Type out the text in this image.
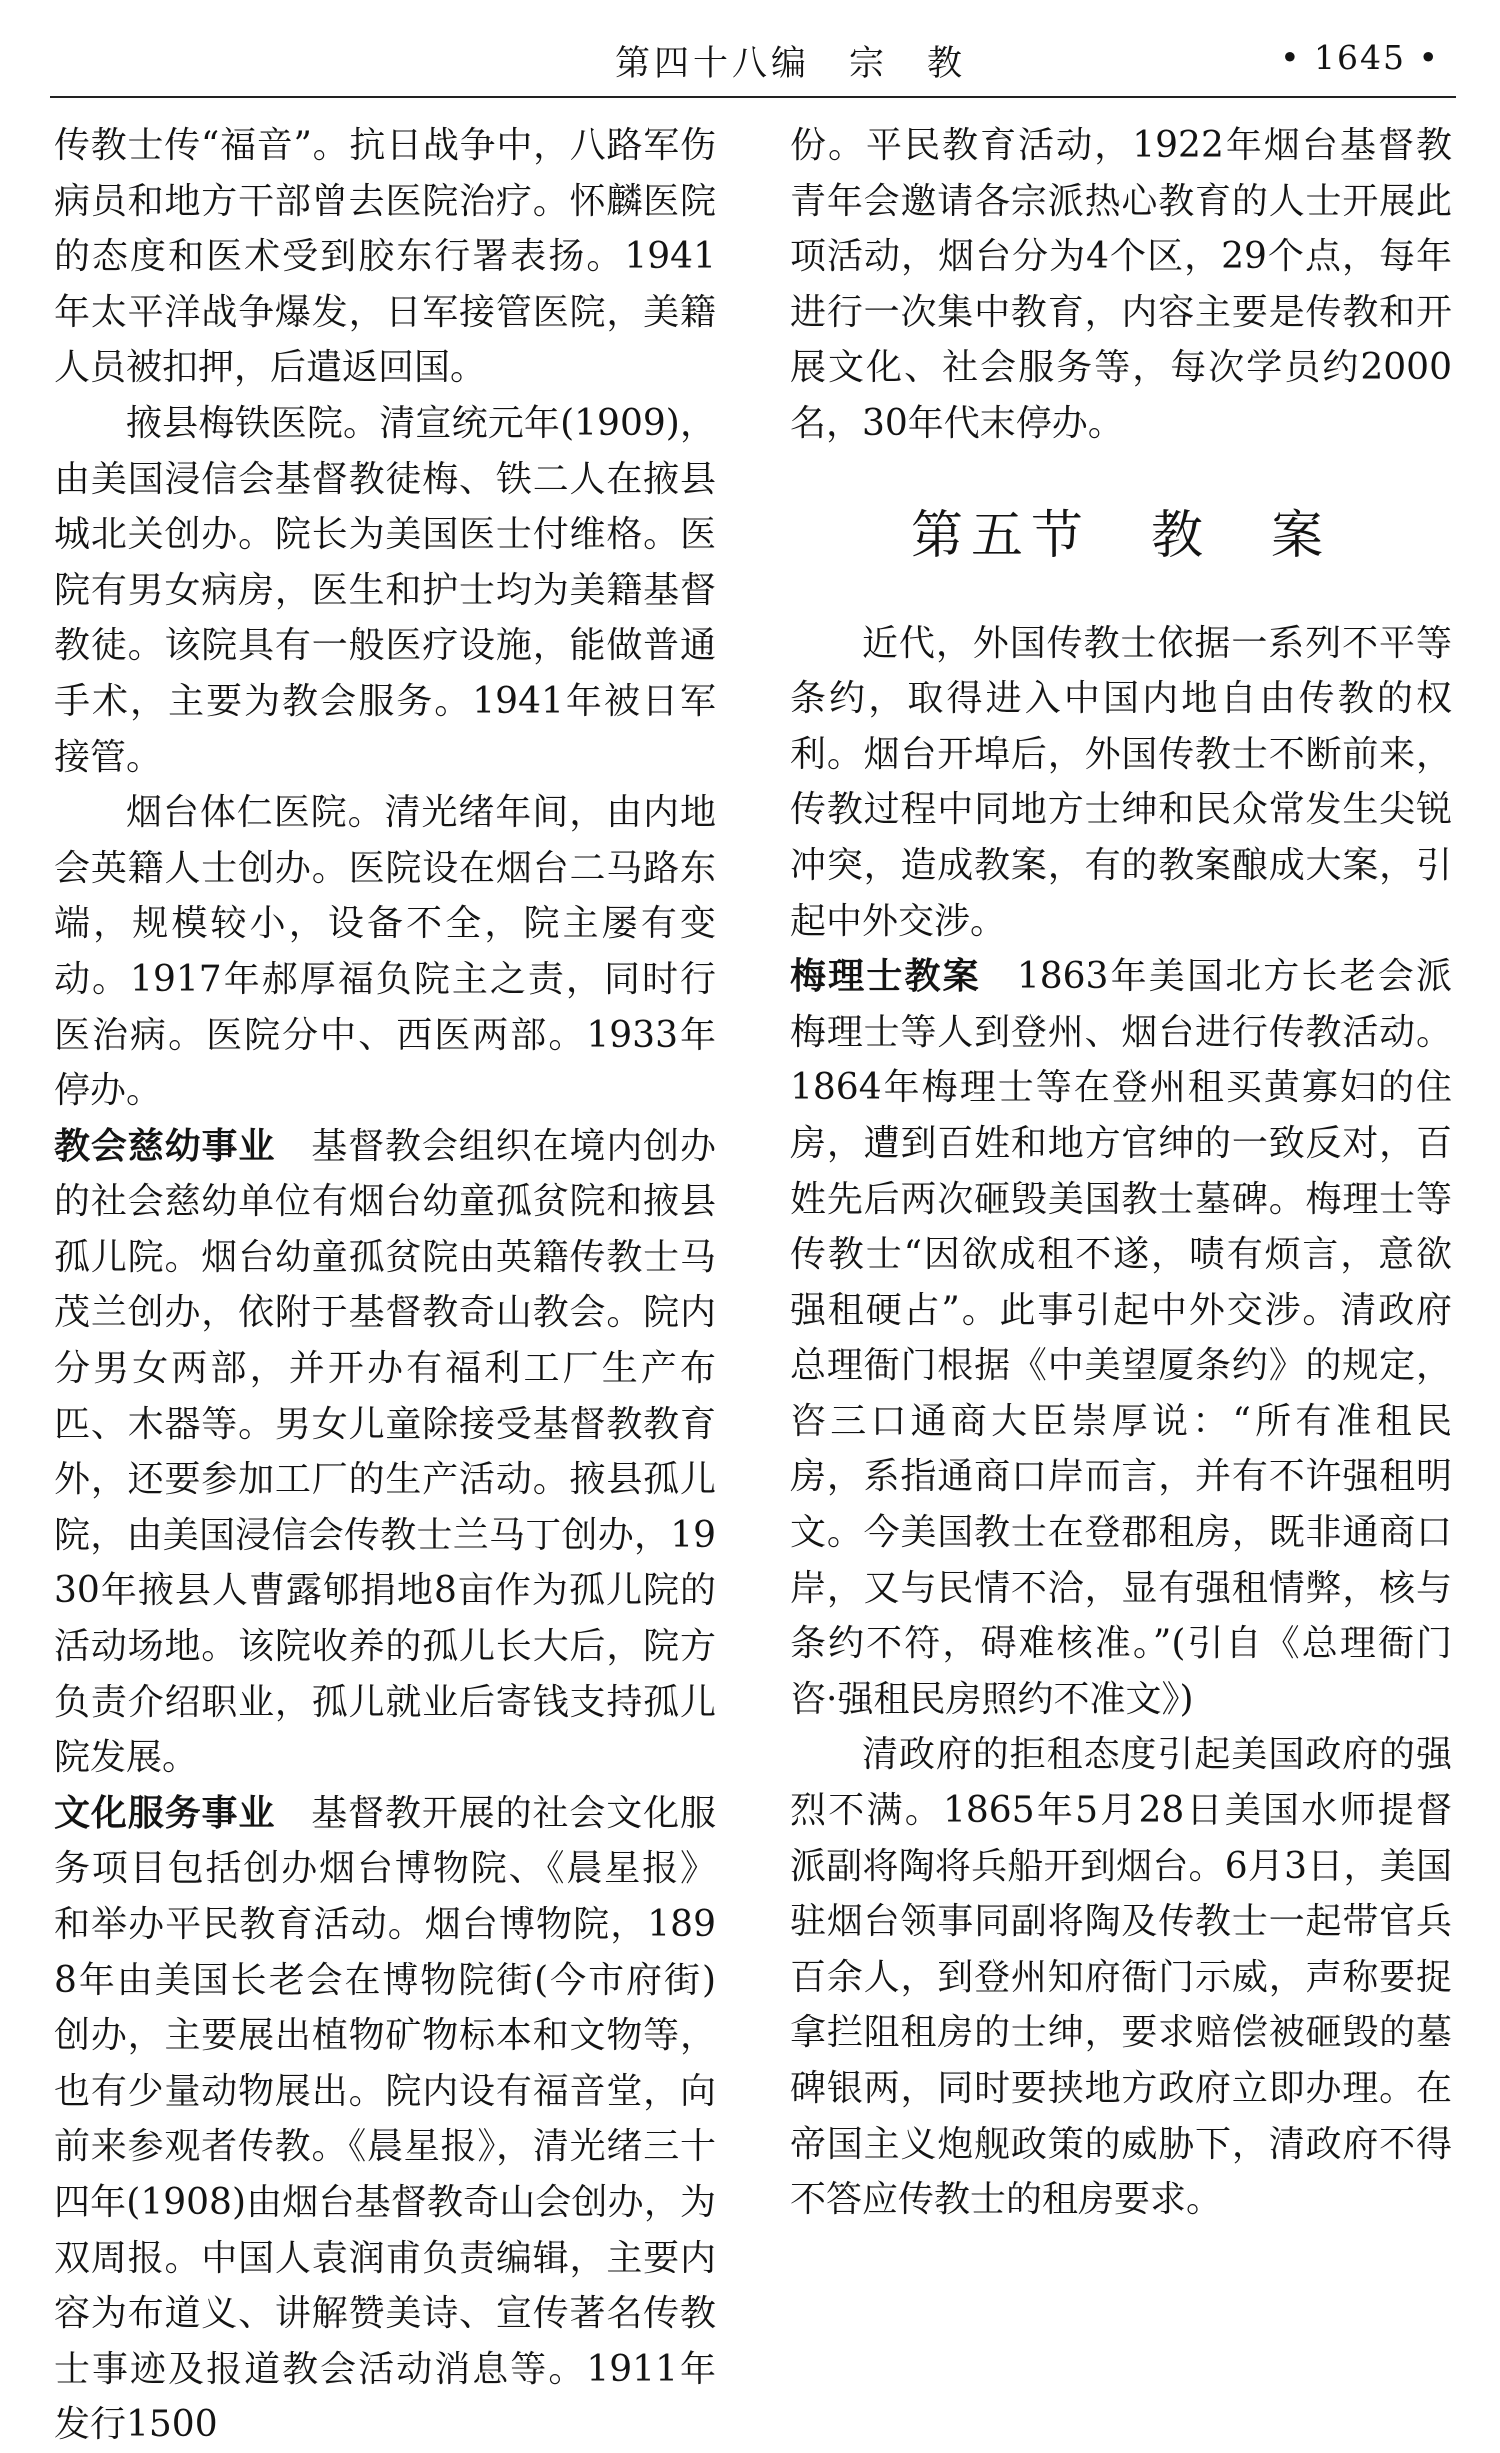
第四十八编　宗　教	• 1645 •

传教士传“福音”。抗日战争中，八路军伤病员和地方干部曾去医院治疗。怀麟医院的态度和医术受到胶东行署表扬。1941年太平洋战争爆发，日军接管医院，美籍人员被扣押，后遣返回国。

掖县梅铁医院。清宣统元年(1909)，由美国浸信会基督教徒梅、铁二人在掖县城北关创办。院长为美国医士付维格。医院有男女病房，医生和护士均为美籍基督教徒。该院具有一般医疗设施，能做普通手术，主要为教会服务。1941年被日军接管。

烟台体仁医院。清光绪年间，由内地会英籍人士创办。医院设在烟台二马路东端，规模较小，设备不全，院主屡有变动。1917年郝厚福负院主之责，同时行医治病。医院分中、西医两部。1933年停办。

教会慈幼事业 基督教会组织在境内创办的社会慈幼单位有烟台幼童孤贫院和掖县孤儿院。烟台幼童孤贫院由英籍传教士马茂兰创办，依附于基督教奇山教会。院内分男女两部，并开办有福利工厂生产布匹、木器等。男女儿童除接受基督教教育外，还要参加工厂的生产活动。掖县孤儿院，由美国浸信会传教士兰马丁创办，1930年掖县人曹露郇捐地8亩作为孤儿院的活动场地。该院收养的孤儿长大后，院方负责介绍职业，孤儿就业后寄钱支持孤儿院发展。

文化服务事业 基督教开展的社会文化服务项目包括创办烟台博物院、《晨星报》和举办平民教育活动。烟台博物院，1898年由美国长老会在博物院街(今市府街)创办，主要展出植物矿物标本和文物等，也有少量动物展出。院内设有福音堂，向前来参观者传教。《晨星报》，清光绪三十四年(1908)由烟台基督教奇山会创办，为双周报。中国人袁润甫负责编辑，主要内容为布道义、讲解赞美诗、宣传著名传教士事迹及报道教会活动消息等。1911年发行1500

份。平民教育活动，1922年烟台基督教青年会邀请各宗派热心教育的人士开展此项活动，烟台分为4个区，29个点，每年进行一次集中教育，内容主要是传教和开展文化、社会服务等，每次学员约2000名，30年代末停办。

第五节 教　案

近代，外国传教士依据一系列不平等条约，取得进入中国内地自由传教的权利。烟台开埠后，外国传教士不断前来，传教过程中同地方士绅和民众常发生尖锐冲突，造成教案，有的教案酿成大案，引起中外交涉。

梅理士教案 1863年美国北方长老会派梅理士等人到登州、烟台进行传教活动。1864年梅理士等在登州租买黄寡妇的住房，遭到百姓和地方官绅的一致反对，百姓先后两次砸毁美国教士墓碑。梅理士等传教士“因欲成租不遂，啧有烦言，意欲强租硬占”。此事引起中外交涉。清政府总理衙门根据《中美望厦条约》的规定，咨三口通商大臣崇厚说：“所有准租民房，系指通商口岸而言，并有不许强租明文。今美国教士在登郡租房，既非通商口岸，又与民情不洽，显有强租情弊，核与条约不符，碍难核准。”(引自《总理衙门咨·强租民房照约不准文》)

清政府的拒租态度引起美国政府的强烈不满。1865年5月28日美国水师提督派副将陶将兵船开到烟台。6月3日，美国驻烟台领事同副将陶及传教士一起带官兵百余人，到登州知府衙门示威，声称要捉拿拦阻租房的士绅，要求赔偿被砸毁的墓碑银两，同时要挟地方政府立即办理。在帝国主义炮舰政策的威胁下，清政府不得不答应传教士的租房要求。
